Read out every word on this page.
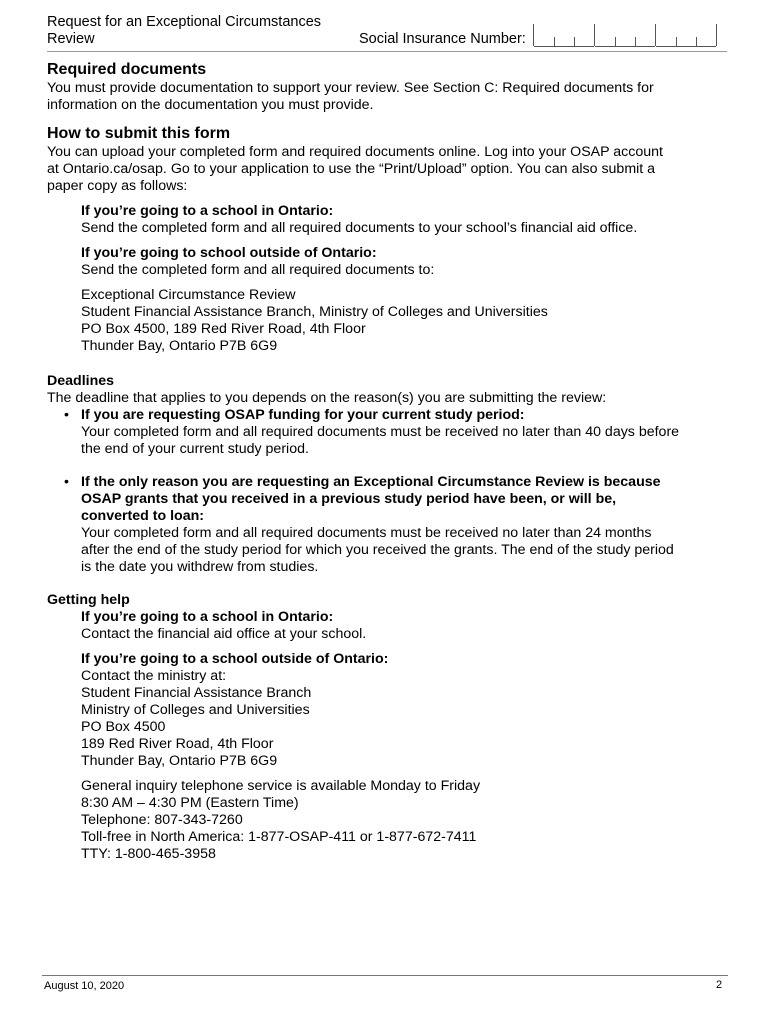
Request for an Exceptional Circumstances
Review	Social Insurance Number:
Required documents

You must provide documentation to support your review. See Section C: Required documents for

information on the documentation you must provide.

How to submit this form

You can upload your completed form and required documents online. Log into your OSAP account

at Ontario.ca/osap. Go to your application to use the “Print/Upload” option. You can also submit a

paper copy as follows:

If you’re going to a school in Ontario:

Send the completed form and all required documents to your school’s financial aid office.

If you’re going to school outside of Ontario:

Send the completed form and all required documents to:

Exceptional Circumstance Review

Student Financial Assistance Branch, Ministry of Colleges and Universities

PO Box 4500, 189 Red River Road, 4th Floor

Thunder Bay, Ontario P7B 6G9

Deadlines

The deadline that applies to you depends on the reason(s) you are submitting the review:

• If you are requesting OSAP funding for your current study period:

Your completed form and all required documents must be received no later than 40 days before

the end of your current study period.

• If the only reason you are requesting an Exceptional Circumstance Review is because

OSAP grants that you received in a previous study period have been, or will be,

converted to loan:

Your completed form and all required documents must be received no later than 24 months

after the end of the study period for which you received the grants. The end of the study period

is the date you withdrew from studies.

Getting help

If you’re going to a school in Ontario:

Contact the financial aid office at your school.

If you’re going to a school outside of Ontario:

Contact the ministry at:

Student Financial Assistance Branch

Ministry of Colleges and Universities

PO Box 4500

189 Red River Road, 4th Floor

Thunder Bay, Ontario P7B 6G9

General inquiry telephone service is available Monday to Friday

8:30 AM – 4:30 PM (Eastern Time)

Telephone: 807-343-7260

Toll-free in North America: 1-877-OSAP-411 or 1-877-672-7411

TTY: 1-800-465-3958

August 10, 2020	2
